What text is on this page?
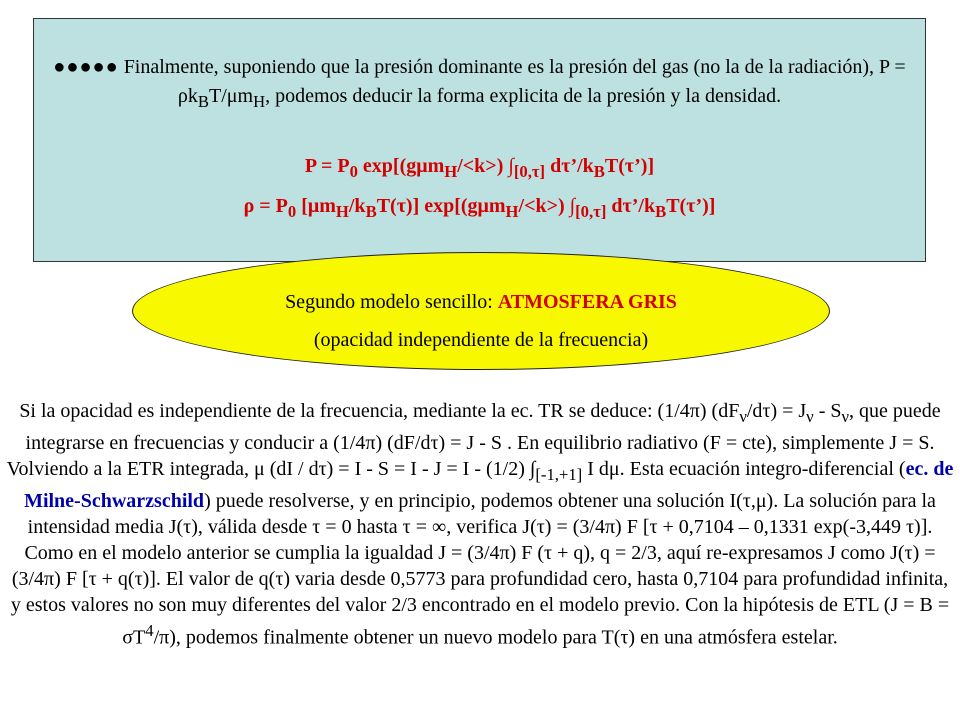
●●●●● Finalmente, suponiendo que la presión dominante es la presión del gas (no la de la radiación), $P = \rho k_BT/\mu m_H$, podemos deducir la forma explicita de la presión y la densidad.
$P = P_0$ exp[(gμm$_H$/<k>) $\int_{[0,\tau]}$ $d\tau’/k_BT(\tau’)$]
$\rho = P_0$ $[\mu m_H/k_BT(\tau)]$ exp[(gμm$_H$/<k>) $\int_{[0,\tau]}$ $d\tau’/k_BT(\tau’)$]
Segundo modelo sencillo: ATMOSFERA GRIS
(opacidad independiente de la frecuencia)
Si la opacidad es independiente de la frecuencia, mediante la ec. TR se deduce: (1/4π) $(dF_\nu/d\tau) = J_\nu - S_\nu$, que puede integrarse en frecuencias y conducir a (1/4π) (dF/dτ) = J - S . En equilibrio radiativo (F = cte), simplemente J = S. Volviendo a la ETR integrada, μ (dI / dτ) = I - S = I - J = I - (1/2) $\int_{[-1,+1]}$ I dμ. Esta ecuación integro-diferencial (ec. de Milne-Schwarzschild) puede resolverse, y en principio, podemos obtener una solución I(τ,μ). La solución para la intensidad media J(τ), válida desde τ = 0 hasta τ = ∞, verifica J(τ) = (3/4π) F [τ + 0,7104 – 0,1331 exp(-3,449 τ)]. Como en el modelo anterior se cumplia la igualdad J = (3/4π) F (τ + q), q = 2/3, aquí re-expresamos J como J(τ) = (3/4π) F [τ + q(τ)]. El valor de q(τ) varia desde 0,5773 para profundidad cero, hasta 0,7104 para profundidad infinita, y estos valores no son muy diferentes del valor 2/3 encontrado en el modelo previo. Con la hipótesis de ETL $(J = B = \sigma T^4/\pi)$, podemos finalmente obtener un nuevo modelo para T(τ) en una atmósfera estelar.
